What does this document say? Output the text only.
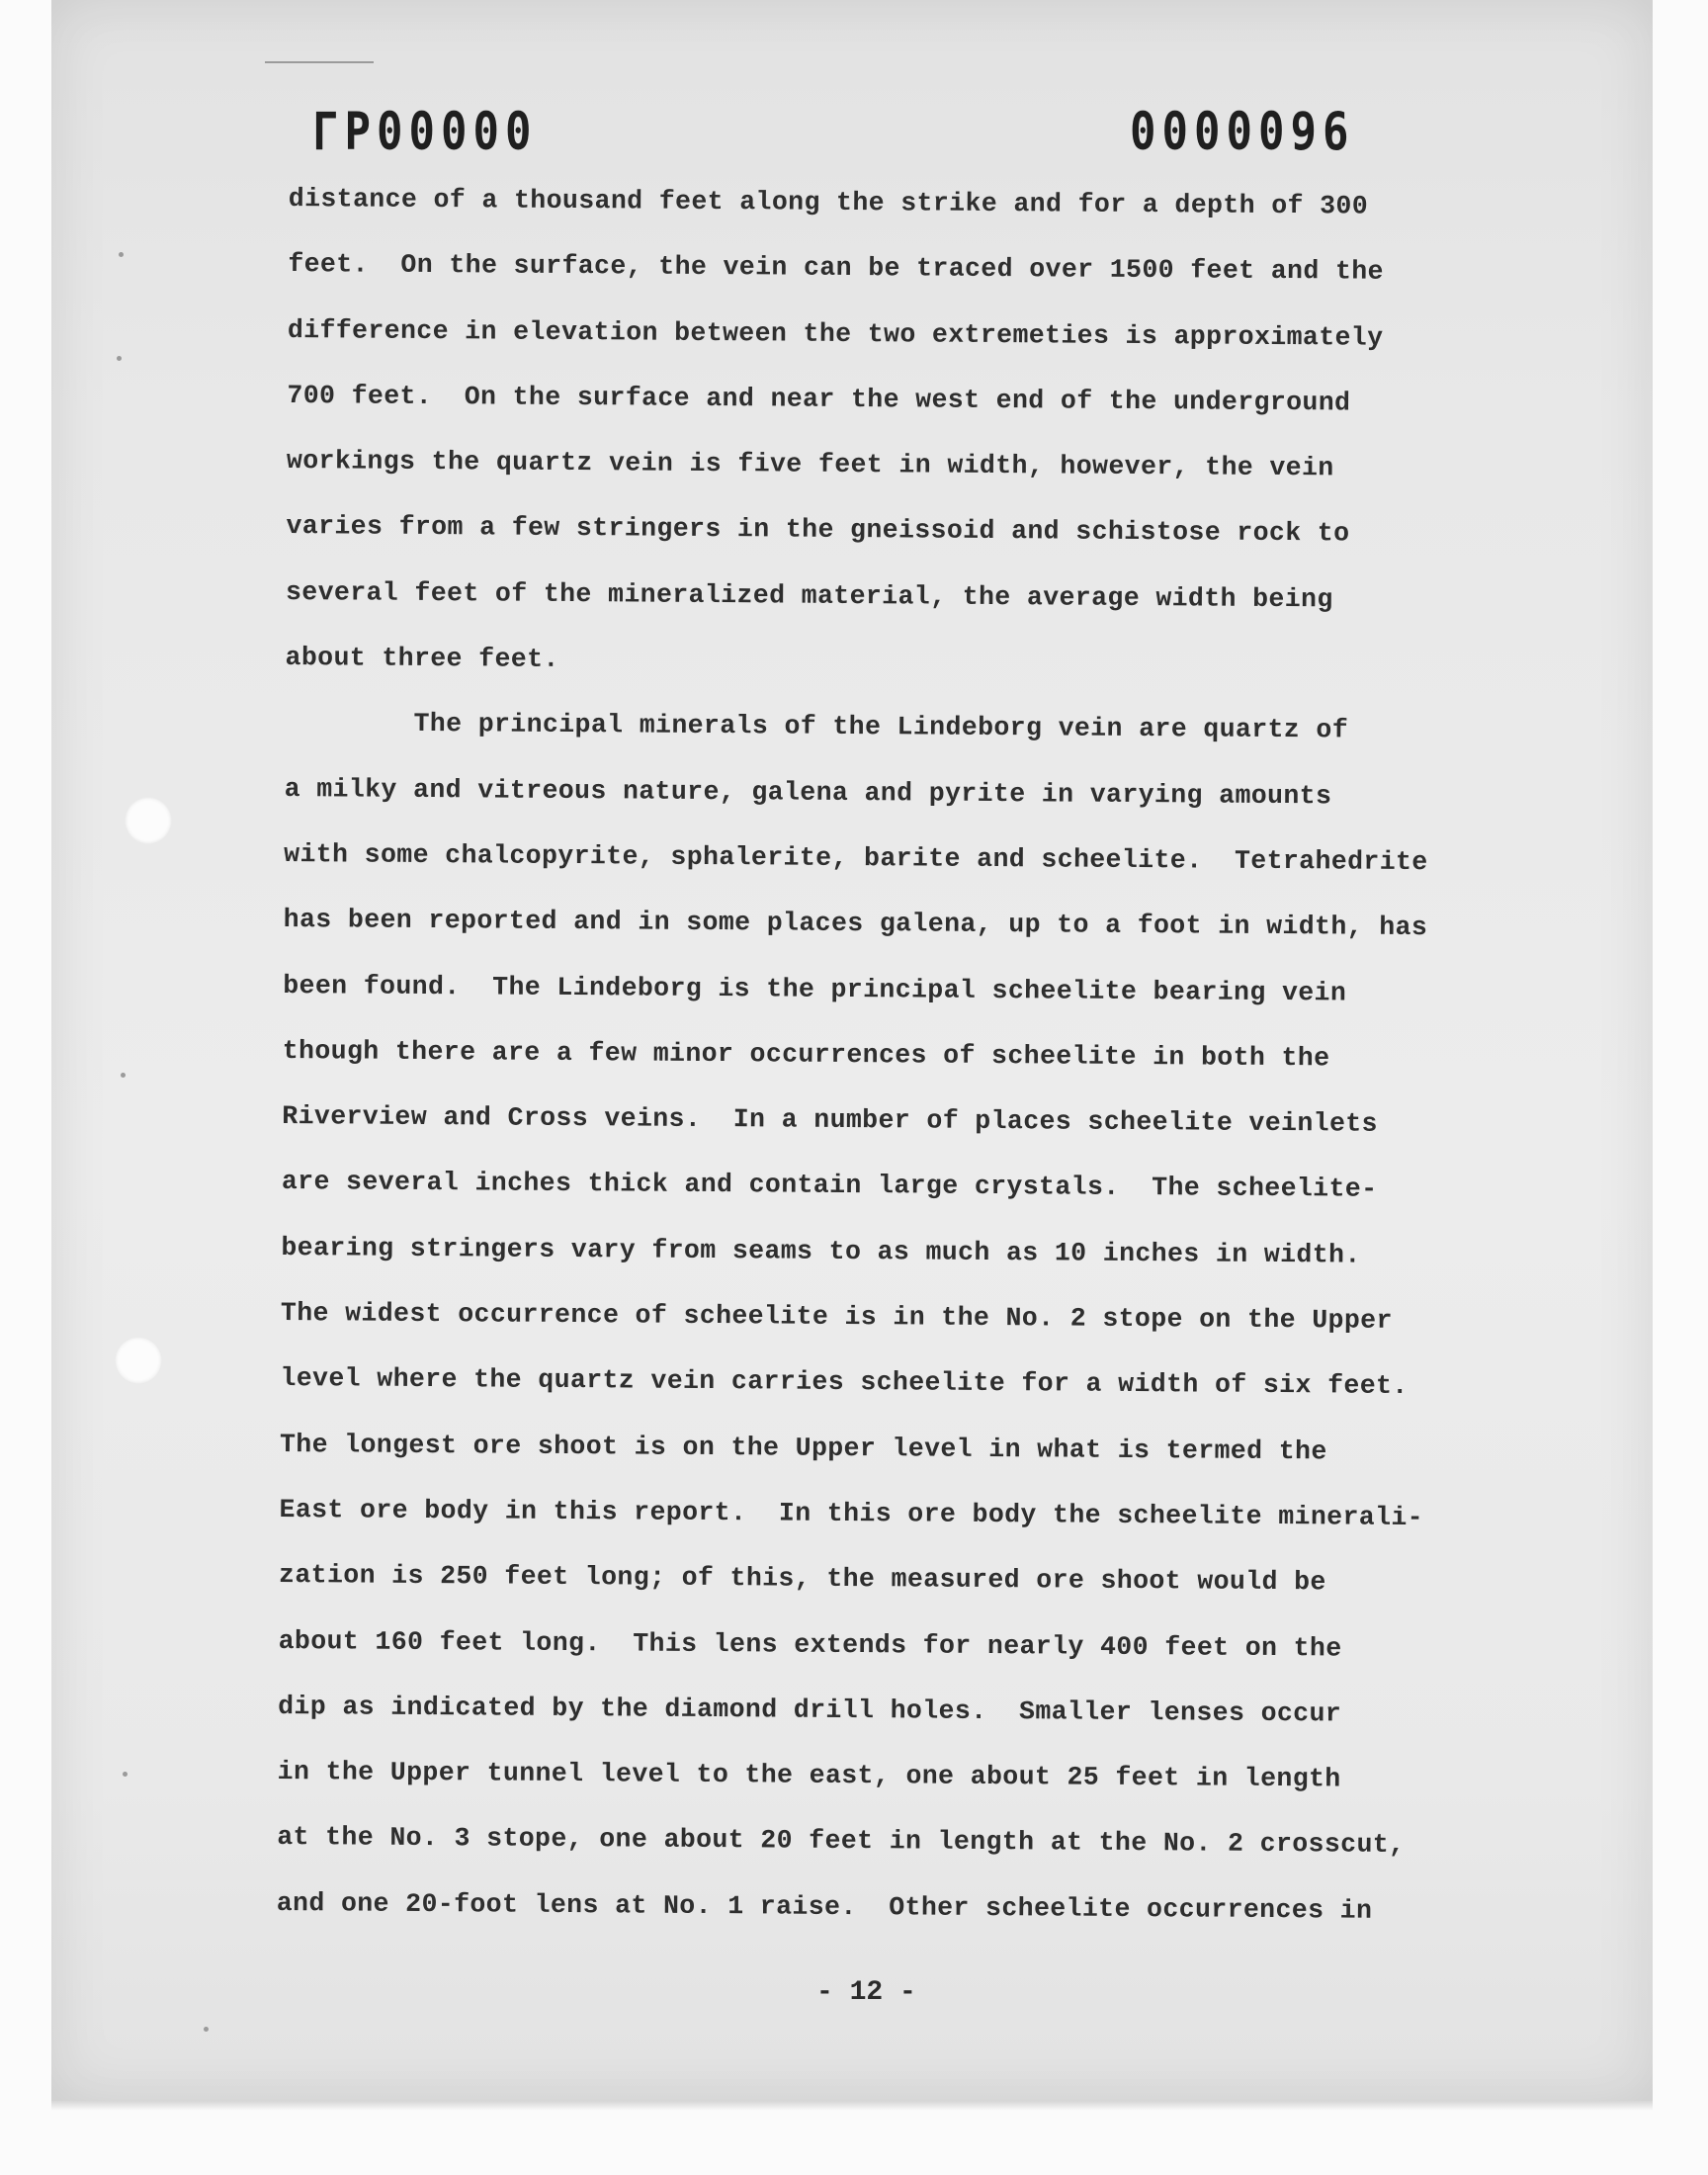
ΓΡ00000	0000096
distance of a thousand feet along the strike and for a depth of 300
feet.  On the surface, the vein can be traced over 1500 feet and the
difference in elevation between the two extremeties is approximately
700 feet.  On the surface and near the west end of the underground
workings the quartz vein is five feet in width, however, the vein
varies from a few stringers in the gneissoid and schistose rock to
several feet of the mineralized material, the average width being
about three feet.
The principal minerals of the Lindeborg vein are quartz of
a milky and vitreous nature, galena and pyrite in varying amounts
with some chalcopyrite, sphalerite, barite and scheelite.  Tetrahedrite
has been reported and in some places galena, up to a foot in width, has
been found.  The Lindeborg is the principal scheelite bearing vein
though there are a few minor occurrences of scheelite in both the
Riverview and Cross veins.  In a number of places scheelite veinlets
are several inches thick and contain large crystals.  The scheelite-
bearing stringers vary from seams to as much as 10 inches in width.
The widest occurrence of scheelite is in the No. 2 stope on the Upper
level where the quartz vein carries scheelite for a width of six feet.
The longest ore shoot is on the Upper level in what is termed the
East ore body in this report.  In this ore body the scheelite minerali-
zation is 250 feet long; of this, the measured ore shoot would be
about 160 feet long.  This lens extends for nearly 400 feet on the
dip as indicated by the diamond drill holes.  Smaller lenses occur
in the Upper tunnel level to the east, one about 25 feet in length
at the No. 3 stope, one about 20 feet in length at the No. 2 crosscut,
and one 20-foot lens at No. 1 raise.  Other scheelite occurrences in
- 12 -
